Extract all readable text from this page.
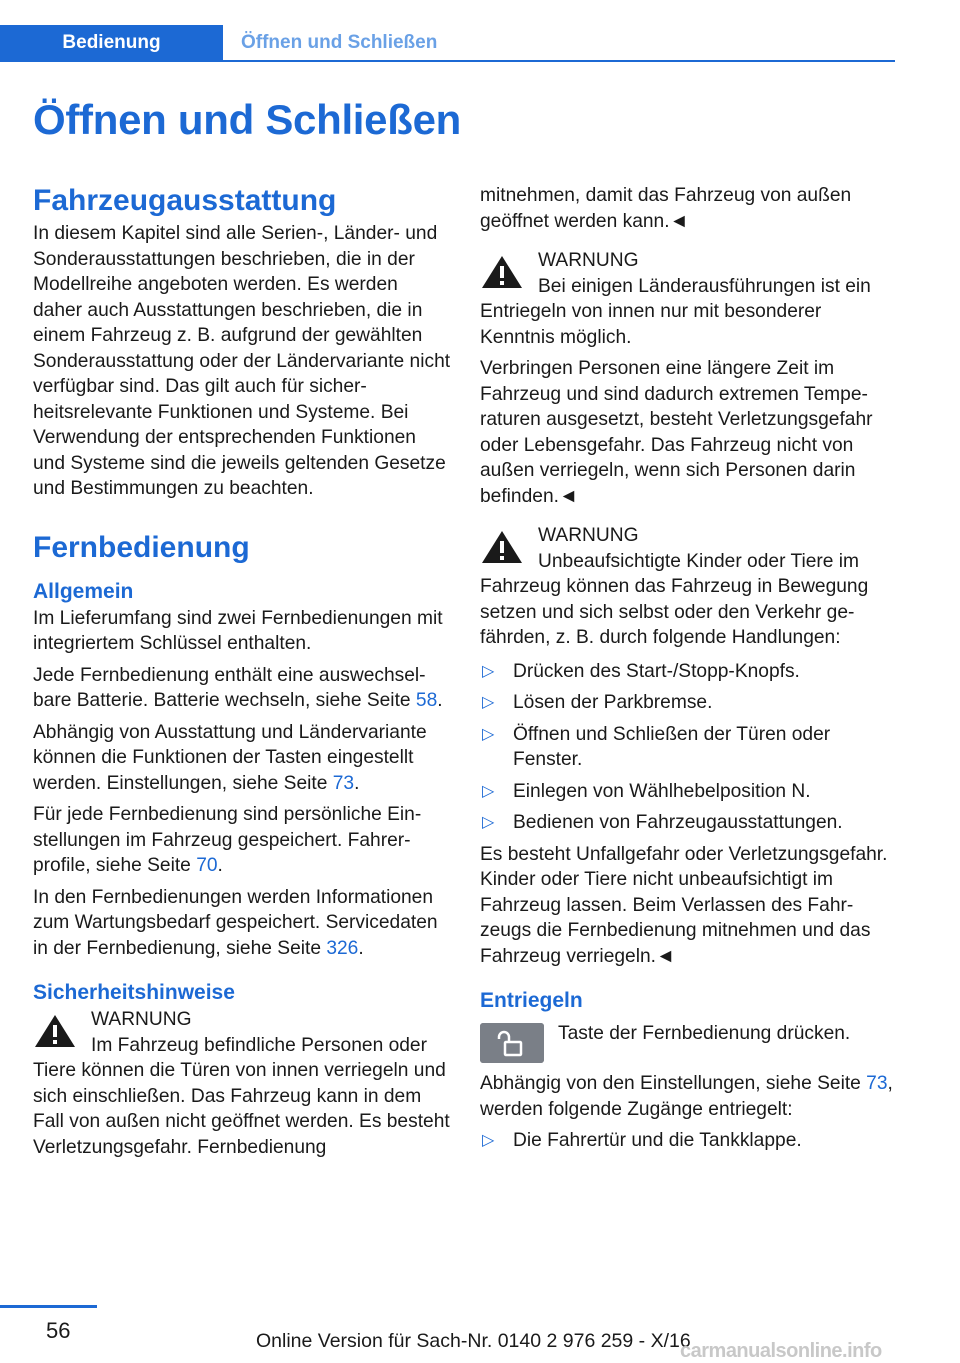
Bedienung	Öffnen und Schließen
Öffnen und Schließen
Fahrzeugausstattung

In diesem Kapitel sind alle Serien-, Länder- und Sonderausstattungen beschrieben, die in der Modellreihe angeboten werden. Es werden daher auch Ausstattungen beschrieben, die in einem Fahrzeug z. B. aufgrund der gewählten Sonderausstattung oder der Ländervariante nicht verfügbar sind. Das gilt auch für sicherheitsrelevante Funktionen und Systeme. Bei Verwendung der entsprechenden Funktionen und Systeme sind die jeweils geltenden Gesetze und Bestimmungen zu beachten.

Fernbedienung
Allgemein

Im Lieferumfang sind zwei Fernbedienungen mit integriertem Schlüssel enthalten.

Jede Fernbedienung enthält eine auswechselbare Batterie. Batterie wechseln, siehe Seite 58.

Abhängig von Ausstattung und Ländervariante können die Funktionen der Tasten eingestellt werden. Einstellungen, siehe Seite 73.

Für jede Fernbedienung sind persönliche Einstellungen im Fahrzeug gespeichert. Fahrerprofile, siehe Seite 70.

In den Fernbedienungen werden Informationen zum Wartungsbedarf gespeichert. Servicedaten in der Fernbedienung, siehe Seite 326.

Sicherheitshinweise
WARNUNG
Im Fahrzeug befindliche Personen oder Tiere können die Türen von innen verriegeln und sich einschließen. Das Fahrzeug kann in dem Fall von außen nicht geöffnet werden. Es besteht Verletzungsgefahr. Fernbedienung

mitnehmen, damit das Fahrzeug von außen geöffnet werden kann.◄

WARNUNG
Bei einigen Länderausführungen ist ein Entriegeln von innen nur mit besonderer Kenntnis möglich.

Verbringen Personen eine längere Zeit im Fahrzeug und sind dadurch extremen Temperaturen ausgesetzt, besteht Verletzungsgefahr oder Lebensgefahr. Das Fahrzeug nicht von außen verriegeln, wenn sich Personen darin befinden.◄

WARNUNG
Unbeaufsichtigte Kinder oder Tiere im Fahrzeug können das Fahrzeug in Bewegung setzen und sich selbst oder den Verkehr gefährden, z. B. durch folgende Handlungen:
▷ Drücken des Start-/Stopp-Knopfs.
▷ Lösen der Parkbremse.
▷ Öffnen und Schließen der Türen oder Fenster.
▷ Einlegen von Wählhebelposition N.
▷ Bedienen von Fahrzeugausstattungen.

Es besteht Unfallgefahr oder Verletzungsgefahr. Kinder oder Tiere nicht unbeaufsichtigt im Fahrzeug lassen. Beim Verlassen des Fahrzeugs die Fernbedienung mitnehmen und das Fahrzeug verriegeln.◄

Entriegeln
Taste der Fernbedienung drücken.

Abhängig von den Einstellungen, siehe Seite 73, werden folgende Zugänge entriegelt:

▷ Die Fahrertür und die Tankklappe.
56	Online Version für Sach-Nr. 0140 2 976 259 - X/16
carmanualsonline.info
